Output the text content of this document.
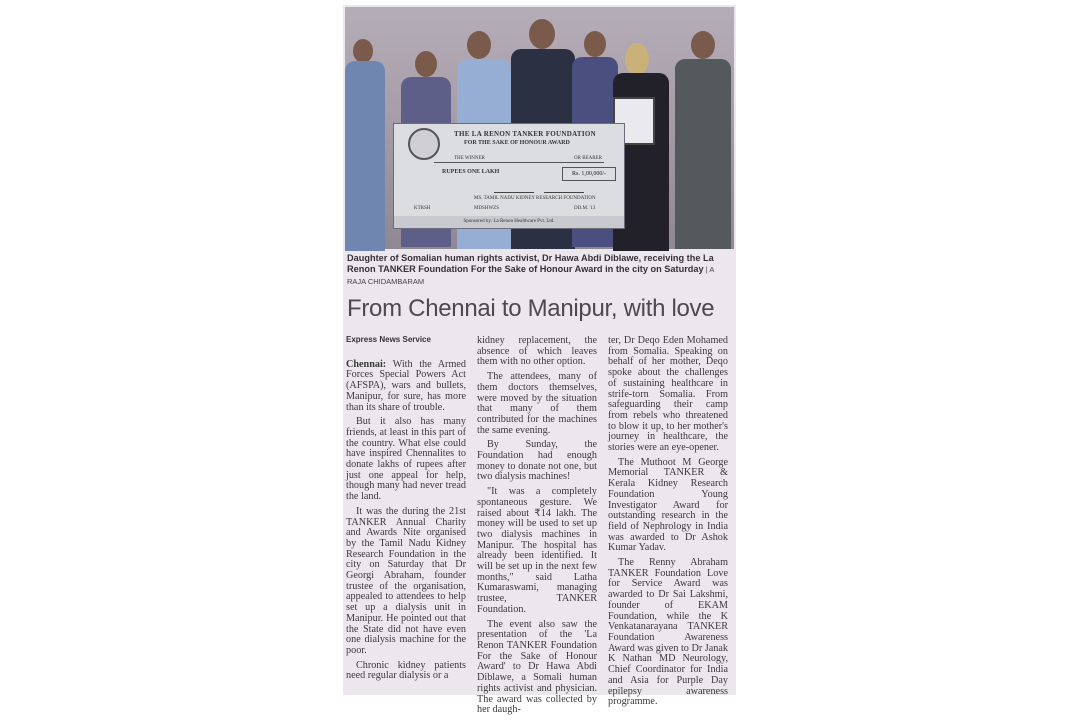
THE LA RENON TANKER FOUNDATION
FOR THE SAKE OF HONOUR AWARD
THE WINNER	OR BEARER
RUPEES ONE LAKH	Rs. 1,00,000/-
MS. TAMIL NADU KIDNEY RESEARCH FOUNDATION
KTRSH	MDSHWZS	DD.M. '13
Sponsored by: La Renon Healthcare Pvt. Ltd.
Daughter of Somalian human rights activist, Dr Hawa Abdi Diblawe, receiving the La Renon TANKER Foundation For the Sake of Honour Award in the city on Saturday | A RAJA CHIDAMBARAM
From Chennai to Manipur, with love
Express News Service

Chennai: With the Armed Forces Special Powers Act (AFSPA), wars and bullets, Manipur, for sure, has more than its share of trouble.

But it also has many friends, at least in this part of the country. What else could have inspired Chennalites to donate lakhs of rupees after just one appeal for help, though many had never tread the land.

It was the during the 21st TANKER Annual Charity and Awards Nite organised by the Tamil Nadu Kidney Research Foundation in the city on Saturday that Dr Georgi Abraham, founder trustee of the organisation, appealed to attendees to help set up a dialysis unit in Manipur. He pointed out that the State did not have even one dialysis machine for the poor.

Chronic kidney patients need regular dialysis or a

kidney replacement, the absence of which leaves them with no other option.

The attendees, many of them doctors themselves, were moved by the situation that many of them contributed for the machines the same evening.

By Sunday, the Foundation had enough money to donate not one, but two dialysis machines!

"It was a completely spontaneous gesture. We raised about ₹14 lakh. The money will be used to set up two dialysis machines in Manipur. The hospital has already been identified. It will be set up in the next few months," said Latha Kumaraswami, managing trustee, TANKER Foundation.

The event also saw the presentation of the 'La Renon TANKER Foundation For the Sake of Honour Award' to Dr Hawa Abdi Diblawe, a Somali human rights activist and physician. The award was collected by her daugh-

ter, Dr Deqo Eden Mohamed from Somalia. Speaking on behalf of her mother, Deqo spoke about the challenges of sustaining healthcare in strife-torn Somalia. From safeguarding their camp from rebels who threatened to blow it up, to her mother's journey in healthcare, the stories were an eye-opener.

The Muthoot M George Memorial TANKER & Kerala Kidney Research Foundation Young Investigator Award for outstanding research in the field of Nephrology in India was awarded to Dr Ashok Kumar Yadav.

The Renny Abraham TANKER Foundation Love for Service Award was awarded to Dr Sai Lakshmi, founder of EKAM Foundation, while the K Venkatanarayana TANKER Foundation Awareness Award was given to Dr Janak K Nathan MD Neurology, Chief Coordinator for India and Asia for Purple Day epilepsy awareness programme.
